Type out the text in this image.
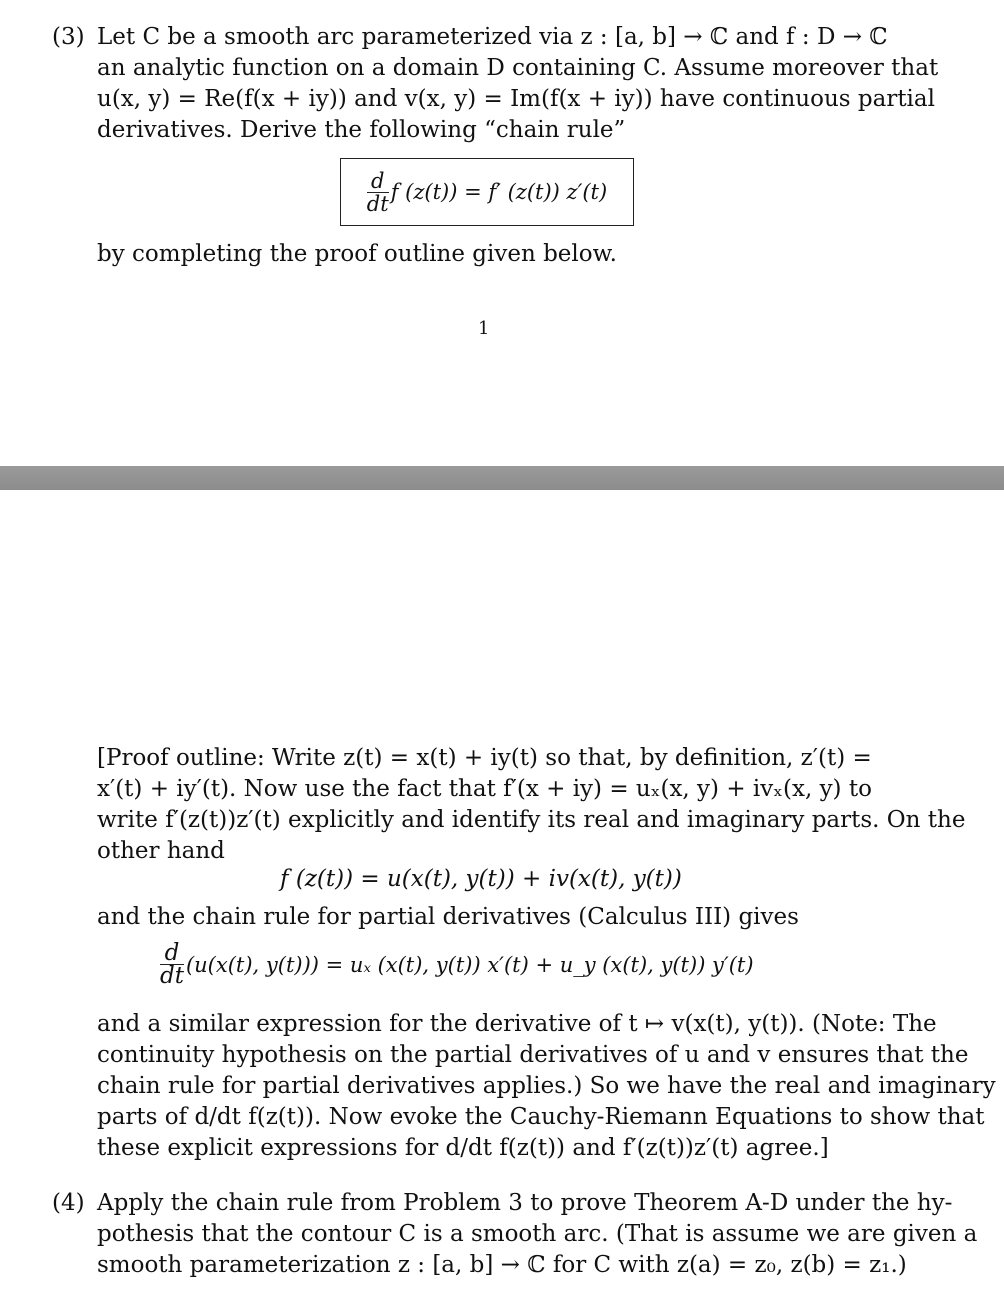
(3) Let C be a smooth arc parameterized via z : [a, b] → ℂ and f : D → ℂ
an analytic function on a domain D containing C. Assume moreover that
u(x, y) = Re(f(x + iy)) and v(x, y) = Im(f(x + iy)) have continuous partial
derivatives. Derive the following “chain rule”
$\frac{d}{dt}$ f (z(t)) = f′ (z(t)) z′(t)
by completing the proof outline given below.
1
[Proof outline: Write z(t) = x(t) + iy(t) so that, by definition, z′(t) =
x′(t) + iy′(t). Now use the fact that f′(x + iy) = uₓ(x, y) + ivₓ(x, y) to
write f′(z(t))z′(t) explicitly and identify its real and imaginary parts. On the
other hand
f (z(t)) = u(x(t), y(t)) + iv(x(t), y(t))
and the chain rule for partial derivatives (Calculus III) gives
$\frac{d}{dt} (u(x(t)$, y(t))) = uₓ (x(t), y(t)) x′(t) + u_y (x(t), y(t)) y′(t)
and a similar expression for the derivative of t ↦ v(x(t), y(t)). (Note: The
continuity hypothesis on the partial derivatives of u and v ensures that the
chain rule for partial derivatives applies.) So we have the real and imaginary
parts of d/dt f(z(t)). Now evoke the Cauchy-Riemann Equations to show that
these explicit expressions for d/dt f(z(t)) and f′(z(t))z′(t) agree.]
(4) Apply the chain rule from Problem 3 to prove Theorem A-D under the hy-
pothesis that the contour C is a smooth arc. (That is assume we are given a
smooth parameterization z : [a, b] → ℂ for C with z(a) = z₀, z(b) = z₁.)
